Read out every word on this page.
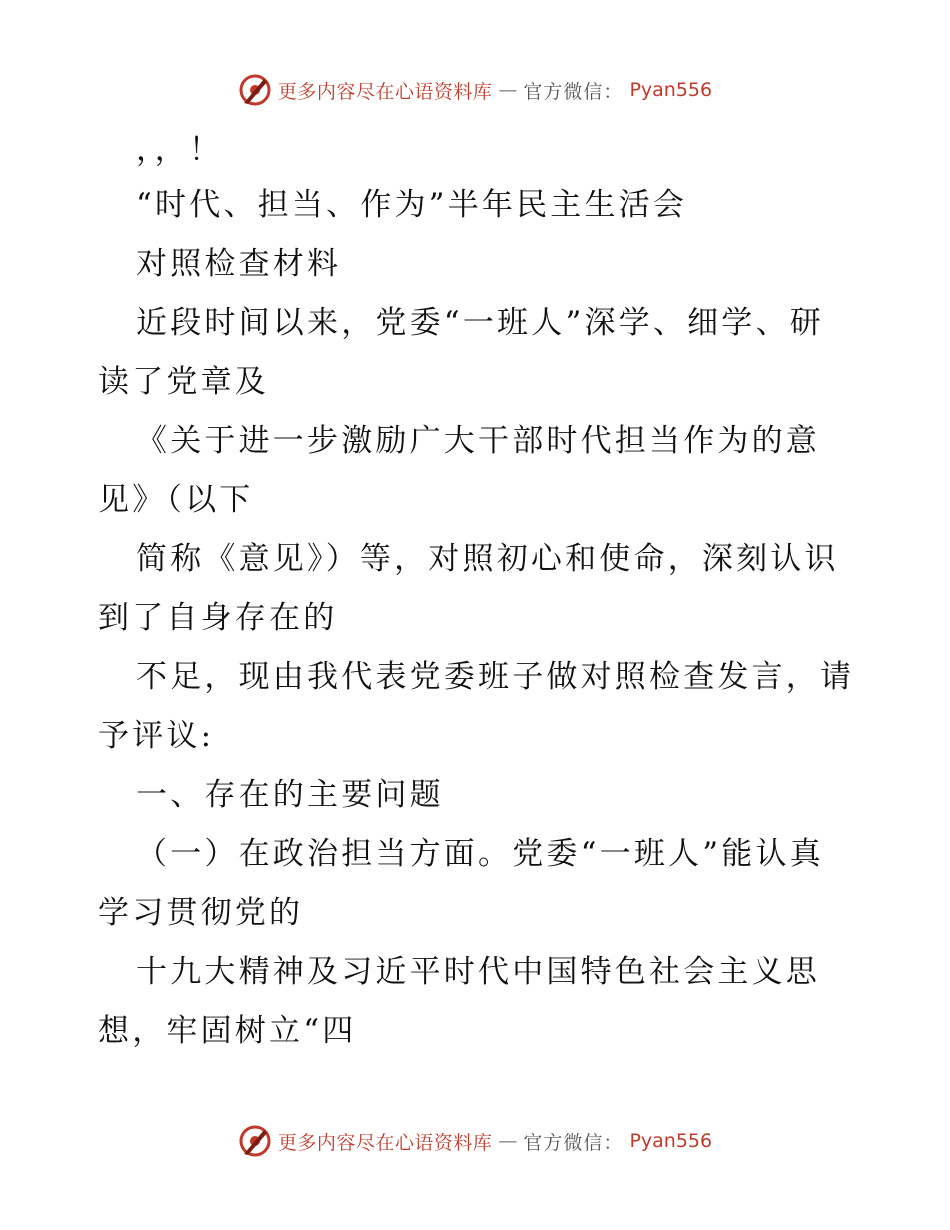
更多内容尽在心语资料库 — 官方微信： Pyan556
，，！
“时代、担当、作为”半年民主生活会
对照检查材料
近段时间以来，党委“一班人”深学、细学、研
读了党章及
《关于进一步激励广大干部时代担当作为的意
见》（以下
简称《意见》）等，对照初心和使命，深刻认识
到了自身存在的
不足，现由我代表党委班子做对照检查发言，请
予评议:
一、存在的主要问题
（一）在政治担当方面。党委“一班人”能认真
学习贯彻党的
十九大精神及习近平时代中国特色社会主义思
想，牢固树立“四
更多内容尽在心语资料库 — 官方微信： Pyan556
